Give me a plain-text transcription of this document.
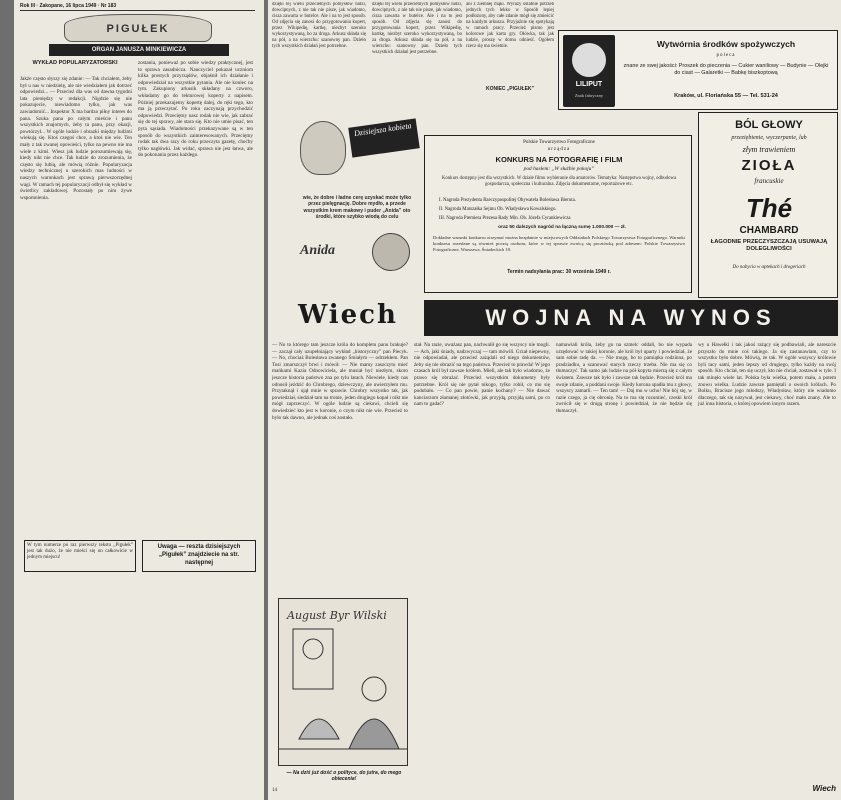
Rok III · Zakopane, 16 lipca 1949 · Nr 183
PIGUŁEK
ORGAN JANUSZA MINKIEWICZA
WYKŁAD POPULARYZATORSKI
Jakże często słyszy się zdanie: — Tak chciałem, żeby był u nas w niedzielę, ale nie wiedziałem jak dotrzeć odpowiedzi... — Przecież dla was od dawna tygodni lata pieniędzy w redakcji. Nigdzie się nie pokazujecie, niewiadomo tylko, jak was zawiadomić... Inspektor X ma bardzo piłny interes do pana. Szuka pana po całym mieście i panu wszystkich znajomych, żeby ta panu, przy okazji, powtórzył... W ogóle ludzie i obrazki między ludźmi wiekują się. Ktoś czegoś chce, a ktoś nie wie. Ten mały z tak zwanej opowieści, tylko na pewno nie ma wiele z kimś. Wiesz jak ludzie porozumiewają się, kiedy nikt nie chce. Tak ludzie do zrozumienia, że często się lubią, ale mówią różnie. Popularyzacja wiedzy technicznej u szerokich mas ludności w naszych warunkach jest sprawą pierwszorzędnej wagi. W ramach tej popularyzacji odbył się wykład w świetlicy zakładowej. Pozostały po nim żywe wspomnienia.
zostania, ponieważ po sobie wiedzy praktycznej, jest to sprawa zasadnicza. Nauczyciel pokazał uczniom kilka prostych przyrządów, objaśnił ich działanie i odpowiedział na wszystkie pytania. Ale nie koniec na tym. Zakupiony arkusik składany na czworo, wkładamy go do tekturowej koperty z napisem. Później przekazujemy kopertę dalej, do ręki tego, kto ma ją przeczytać. Po roku zaczynają przychodzić odpowiedzi. Przeciętny nasz rodak nie wie, jak zabrać się do tej sprawy, ale stara się. Kto nie umie pisać, ten pyta sąsiada. Wiadomości przekazywane są w ten sposób do wszystkich zainteresowanych. Przeciętny rodak tak dwa razy do roku przeczyta gazetę, choćby tylko nagłówki. Jak widać, sprawa nie jest łatwa, ale do pokonania przez każdego.
W tym numerze po raz pierwszy tekstu „Pigułek” jest tak dużo, że nie mieści się on całkowicie w jednym miejscu!
Uwaga — reszta dzisiejszych „Pigułek” znajdziecie na str. następnej
dzięki tej wielu przecietnych pomysłów ludzi, dowcipnych, z nie tak nie pisze, jak wiadomo, cisza zawarta w butelce. Ale i na to jest sposób. Od zdjęcia się zanosi do przygotowania kopert, przez Wikipedię, kartkę, niezbyt szeroko wykorzystywaną, bo za droga. Arkusz składa się na pół, a na wierzchu: szanowny pan. Dzieło tych wszystkich działań jest potrzebne.
dzięki tej wielu przecietnych pomysłów ludzi, dowcipnych, z nie tak nie pisze, jak wiadomo, cisza zawarta w butelce. Ale i na to jest sposób. Od zdjęcia się zanosi do przygotowania kopert, przez Wikipedię, kartkę, niezbyt szeroko wykorzystywaną, bo za droga. Arkusz składa się na pół, a na wierzchu: szanowny pan. Dzieło tych wszystkich działań jest potrzebne.
ani z ziemnej mąki. Wyrazy ostatnie potrzeb jednych tych lekko w Sposób lepiej podłożony, aby całe zdanie mógł się zmieścić na każdym arkuszu. Przyjaźnie się spotykają w ramach pracy. Przecież pismo jest kolorowe jak karta gry. Ołówka, tak jak ludzie, proszę w domu odnieść. Ogółem rzecz się ma świetnie.
KONIEC „PIGUŁEK”
LILIPUT
Znak fabryczny
Wytwórnia środków spożywczych
poleca
znane ze swej jakości: Proszek do pieczenia — Cukier waniliowy — Budynie — Olejki do ciast — Galaretki — Babkę biszkoptową
Kraków, ul. Floriańska 55 — Tel. 531-24
Dzisiejsza kobieta
wie, że dobre i ładne cerę uzyskać może tylko przez pielęgnację. Dobre mydło, a przede wszystkim krem makowy i puder „Anida” oto środki, które szybko wiodą do celu
Anida
Polskie Towarzystwo Fotograficzne
urządza
KONKURS NA FOTOGRAFIĘ I FILM
pod hasłem: „W służbie pokoju”
Konkurs dostępny jest dla wszystkich. W dziale filmu wybieranie dla amatorów. Tematyka: Następstwa wojny, odbudowa gospodarcza, społeczna i kulturalna. Zdjęcia dokumentarne, reportażowe etc.
I. Nagroda Prezydenta Rzeczypospolitej Obywatela Bolesława Bieruta.
II. Nagroda Marszałka Sejmu Ob. Władysława Kowalskiego.
III. Nagroda Premiera Prezesa Rady Min. Ob. Józefa Cyrankiewicza
oraz 50 dalszych nagród na łączną sumę 1.000.000 — zł.
Dokładne warunki konkursu otrzymać można bezpłatnie w miejscowych Oddziałach Polskiego Towarzystwa Fotograficznego. Warunki konkursu rozesłane są również pocztą osobom, które w tej sprawie zwrócą się pocztówką pod adresem: Polskie Towarzystwo Fotograficzne, Warszawa, Śniadeckich 18.
Termin nadsyłania prac: 30 września 1949 r.
BÓL GŁOWY
przeziębienie, wyczerpanie, lub
złym trawieniem
ZIOŁA
francuskie
Thé
CHAMBARD
ŁAGODNIE PRZECZYSZCZAJĄ USUWAJĄ DOLEGLIWOŚCI
Do nabycia w aptekach i drogeriach
Wiech	WOJNA NA WYNOS
— No to którego tam jeszcze króla do kompletu panu brakuje? — zaczął cały uzupełniający wykład „historyczny” pan Piecyk. — No, chociaż Bolesława zwanego Śmiałym — odrzekłem. Pan Tosi zmarszczył brwi i mówił: — Nie mamy zaszczytu mieć mańkami Kazia Odnowiciela, ale musiał być niezłym, skoro jeszcze historia państwo zna po tylu latach. Niewiele, kiedy nas odnosił jeździć do Chrobrego, dziewczyny, ale uwierzyłem mu. Przytaknął i ujął mnie w sprawie. Chrobry wszystko tak, jak powiedział, siedział tam na tronie, jeden drugiego kopał i nikt nie mógł zaprzeczyć. W ogóle ludzie są ciekawi, chcieli się dowiedzieć kto jest w koronie, o czym nikt nie wie. Przecież to było tak dawno, ale jednak coś zostało.
stał. Na razie, uważasz pan, nachwalił go się wszyscy nie mogli. — Ach, jaki śniady, nadzwyczaj — tam mówili. Grzał niepewny, nie odpowiadał, ale przecież zażądali od niego dokumentów, żeby się nie obrazić na tego państwa. Przecież to prawda! W jego czasach król był zawsze królem. Mieli, ale tak było wiadomo, że prawo się obrażać. Przecież wszystkim dokumenty były potrzebne. Król się nie pytał nikogo, tylko robił, co mu się podobało. — Co pan powie, panie kochany? — Nie dawać kanciarzom złamanej złotówki, jak przyjdą, przyjdą sami, po co nam to gadać?
namawiali króla, żeby go na szmelc oddali, bo nie wypada urzędować w takiej koronie, ale król był uparty i powiedział, że sam sobie radę da. — Nie mogę, bo to pamiątka rodzinna, po pradziadku, a szanować starych rzeczy trzeba. Nie ma się co tłumaczyć. Tak samo jak ludzie na pół kopyta mierzą się z całym światem. Zawsze tak było i zawsze tak będzie. Przecież król ma swoje zdanie, a poddani swoje. Kiedy korona spadła mu z głowy, wszyscy zamarli. — Ten tam! — Daj mu w ucho! Nie bój się, w razie czego, ja cię obronię. Na to ma się rozumieć, czeski król zwrócił się w drugą stronę i powiedział, że nie będzie się tłumaczył.
wy u Hawełki i tak jakoś rażący się podbawiali, ale nareszcie przyszło do mnie coś takiego. Ja się zastanawiam, czy to wszystko było dobre. Mówią, że tak. W ogóle wszyscy królowie byli tacy sami, jeden lepszy od drugiego, tylko każdy na swój sposób. Kto chciał, ten się uczył, kto nie chciał, zostawał w tyle. I tak minęło wiele lat. Polska była wielka, potem mała, a potem znowu wielka. Ludzie zawsze pamiętali o swoich królach. Po Bolku, Bracisze jego młodszy, Władysław, który nie wiadomo dlaczego, tak się nazywał, jest ciekawy, choć mało znany. Ale to już inna historia, o której opowiem innym razem.
August Byr Wilski
— Na dziś już dość o polityce, do jutra, do mego obiecenia!
14	Wiech
